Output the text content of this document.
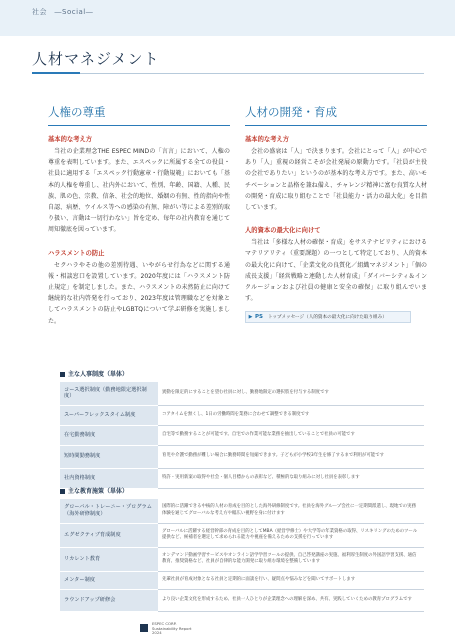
社会　―Social―
人材マネジメント
人権の尊重
基本的な考え方

当社の企業理念THE ESPEC MINDの「言言」において、人権の尊重を表明しています。また、エスペックに所属する全ての役員・社員に適用する「エスペック行動憲章・行動規範」においても「基本的人権を尊重し、社内外において、性別、年齢、国籍、人種、民族、肌の色、宗教、信条、社会的地位、婚姻の有無、性的指向や性自認、病歴、ウイルス等への感染の有無、障がい等による差別的取り扱い、言動は一切行わない」旨を定め、毎年の社内教育を通じて周知徹底を図っています。

ハラスメントの防止

セクハラやその他の差別待遇、いやがらせ行為などに関する通報・相談窓口を設置しています。2020年度には「ハラスメント防止規定」を制定しました。また、ハラスメントの未然防止に向けて継続的な社内啓発を行っており、2023年度は管理職などを対象としてハラスメントの防止やLGBTQについて学ぶ研修を実施しました。

人材の開発・育成
基本的な考え方

会社の盛衰は「人」で決まります。会社にとって「人」が中心であり「人」重視の経営こそが会社発展の原動力です。「社員が主役の会社でありたい」というのが基本的な考え方です。また、高いモチベーションと品格を兼ね備え、チャレンジ精神に富む良質な人材の開発・育成に取り組むことで「社員能力・活力の最大化」を目指しています。

人的資本の最大化に向けて

当社は「多様な人材の確保・育成」をサステナビリティにおけるマテリアリティ（重要課題）の一つとして特定しており、人的資本の最大化に向けて、「企業文化の良質化／組織マネジメント」「個の成長支援」「経営戦略と連動した人材育成」「ダイバーシティ＆インクルージョンおよび社員の健康と安全の確保」に取り組んでいます。

▶ PS トップメッセージ（人的資本の最大化に向けた取り組み）
主な人事制度（単体）
コース選択制度（勤務地限定選択制度）	異動を限定的にすることを望む社員に対し、勤務地限定の選択肢を付与する制度です
スーパーフレックスタイム制度	コアタイムを無くし、1日の労働時間を業務に合わせて調整できる制度です
在宅勤務制度	自宅等で勤務することが可能です。自宅での作業可能な業務を抽出していることで社員の可能です
短時間勤務制度	育児や介護で勤務が難しい場合に勤務時間を短縮できます。子どもが小学校3年生を修了するまで利用が可能です
社内資格制度	特許・実用新案の取得や社会・個人目標からの表彰など、積極的な取り組みに対し社員を表彰します
主な教育施策（単体）
グローバル・トレーニー・プログラム（海外研修制度）	国際的に活躍できる中核的人材の育成を目的とした海外研修制度です。社員を海外グループ会社に一定期間派遣し、現地での実務体験を通じてグローバルな考え方や幅広い視野を身に付けます
エグゼクティブ育成制度	グローバルに活躍する経営幹部の育成を目的としてMBA（経営学修士）や大学等の年業資格の取得、リスキリングのためのツール提供など、候補者を選定して求められる能力や視座を備えるための支援を行っています
リカレント教育	オンデマンド動画学習サービスやオンライン語学学習ツールの提供、自己啓発講座の実施、福利厚生制度の外国語学習支援、通信教育、推奨資格など、社員が自律的な能力開発に取り組む環境を整備しています
メンター制度	先輩社員が育成対象となる社員と定期的に面談を行い、疑問点や悩みなどを聞いてサポートします
ラウンドアップ研修会	より良い企業文化を形成するため、社員一人ひとりが企業理念への理解を深め、共有、実践していくための教育プログラムです
ESPEC CORP.
Sustainability Report
2024
